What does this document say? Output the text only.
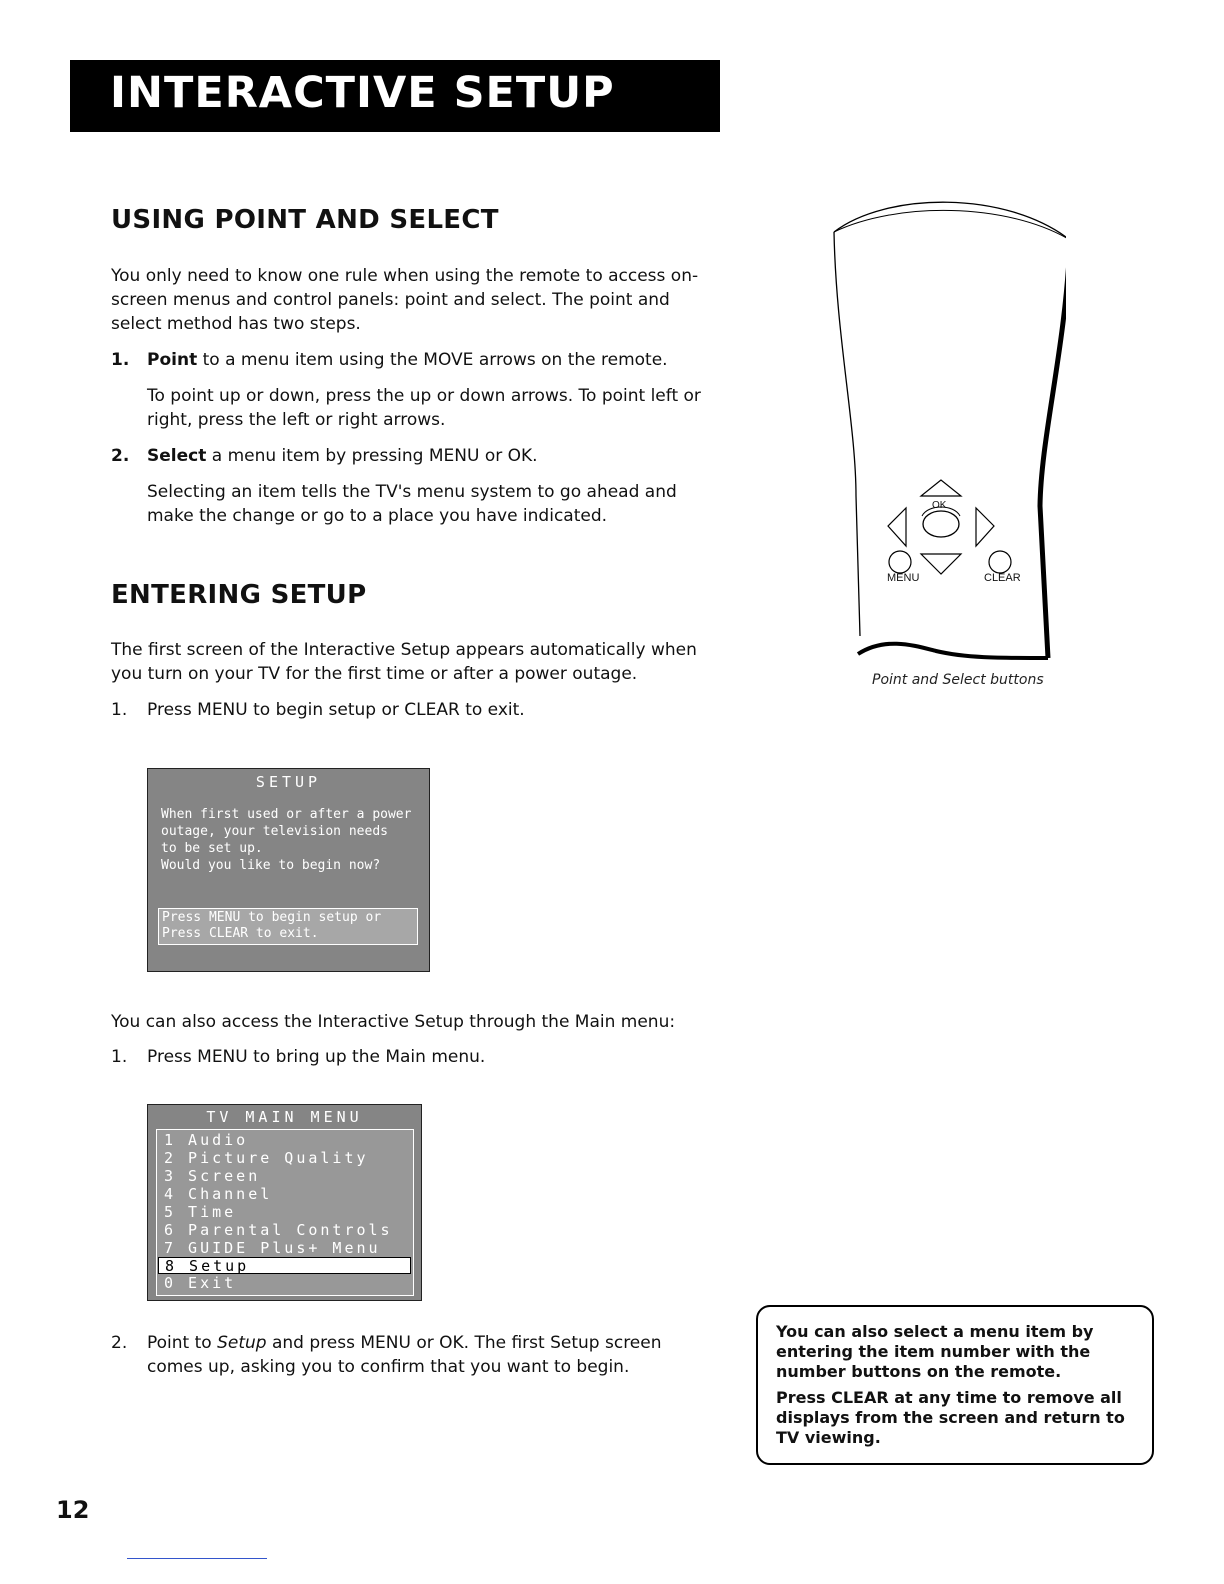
INTERACTIVE SETUP
USING POINT AND SELECT
You only need to know one rule when using the remote to access on-screen menus and control panels: point and select. The point and select method has two steps.
1. Point to a menu item using the MOVE arrows on the remote.
To point up or down, press the up or down arrows. To point left or right, press the left or right arrows.
2. Select a menu item by pressing MENU or OK.
Selecting an item tells the TV's menu system to go ahead and make the change or go to a place you have indicated.
ENTERING SETUP
The first screen of the Interactive Setup appears automatically when you turn on your TV for the first time or after a power outage.
1. Press MENU to begin setup or CLEAR to exit.
SETUP
When first used or after a power
outage, your television needs
to be set up.
Would you like to begin now?
Press MENU to begin setup or
Press CLEAR to exit.
You can also access the Interactive Setup through the Main menu:
1. Press MENU to bring up the Main menu.
TV MAIN MENU
1 Audio
2 Picture Quality
3 Screen
4 Channel
5 Time
6 Parental Controls
7 GUIDE Plus+ Menu
8 Setup
0 Exit
2. Point to Setup and press MENU or OK. The first Setup screen comes up, asking you to confirm that you want to begin.
OK
MENU	CLEAR
Point and Select buttons

You can also select a menu item by entering the item number with the number buttons on the remote.

Press CLEAR at any time to remove all displays from the screen and return to TV viewing.

12
